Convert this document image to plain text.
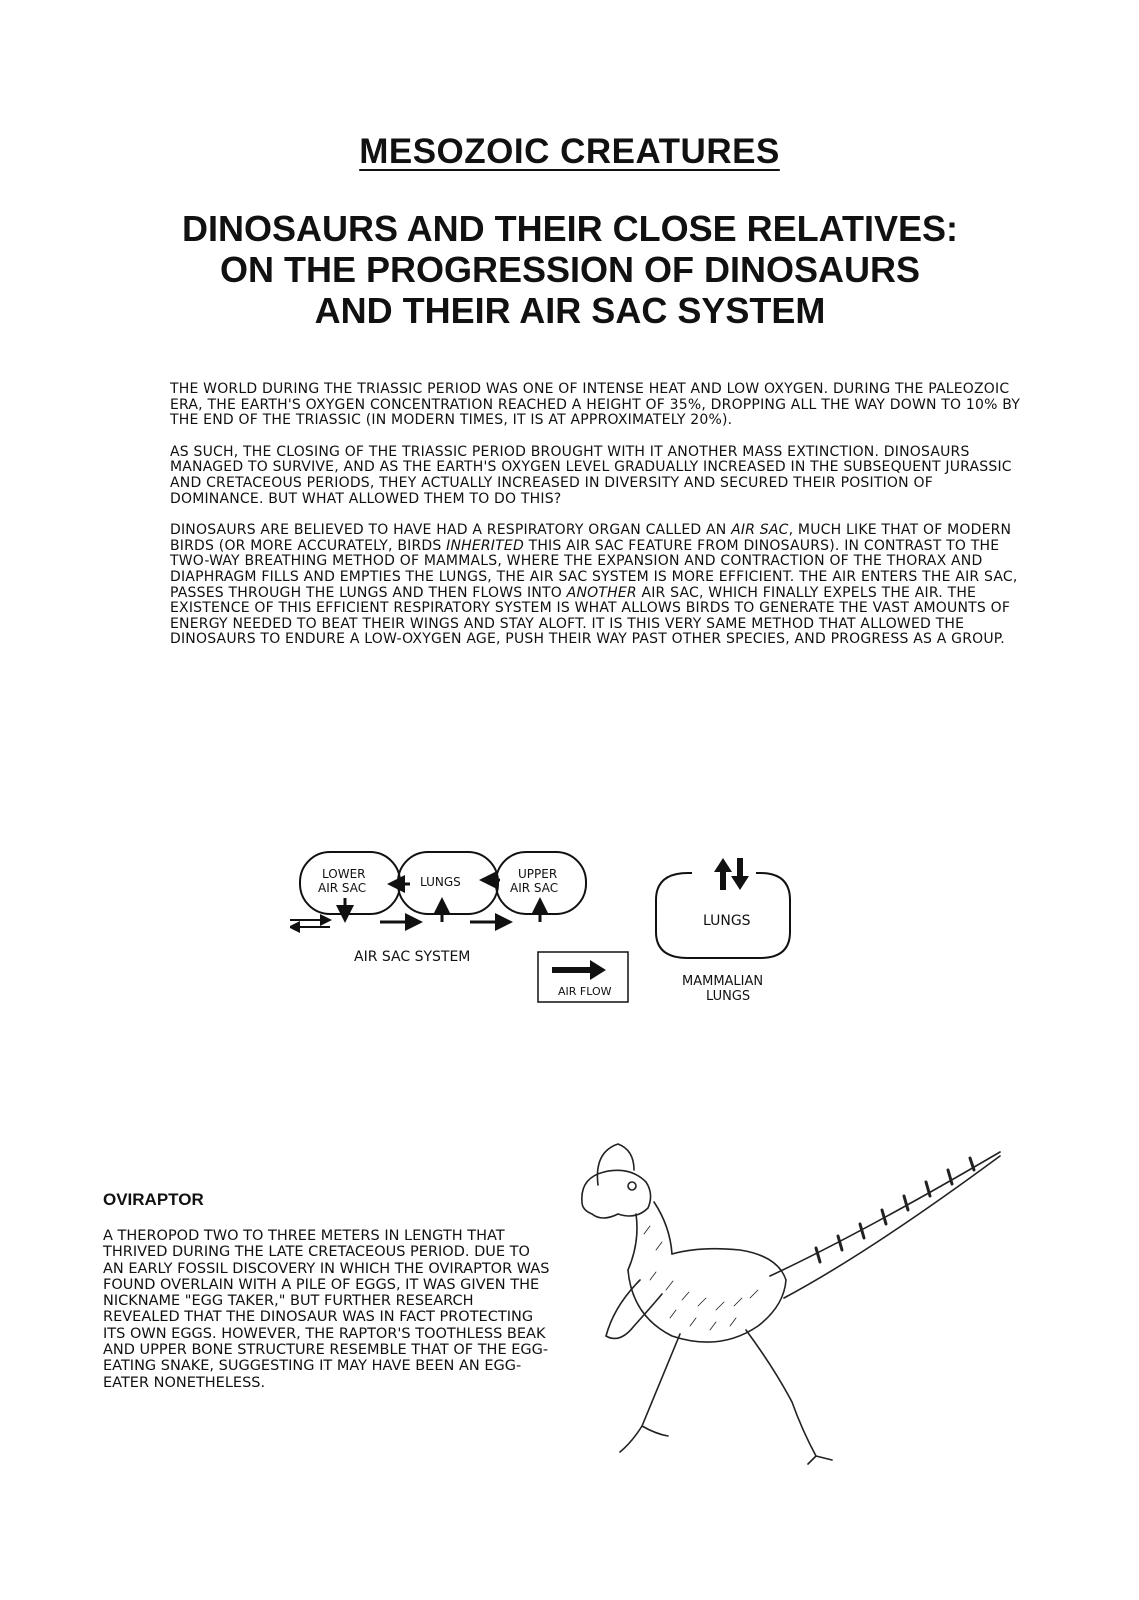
MESOZOIC CREATURES
DINOSAURS AND THEIR CLOSE RELATIVES:
ON THE PROGRESSION OF DINOSAURS
AND THEIR AIR SAC SYSTEM

THE WORLD DURING THE TRIASSIC PERIOD WAS ONE OF INTENSE HEAT AND LOW OXYGEN. DURING THE PALEOZOIC ERA, THE EARTH'S OXYGEN CONCENTRATION REACHED A HEIGHT OF 35%, DROPPING ALL THE WAY DOWN TO 10% BY THE END OF THE TRIASSIC (IN MODERN TIMES, IT IS AT APPROXIMATELY 20%).

AS SUCH, THE CLOSING OF THE TRIASSIC PERIOD BROUGHT WITH IT ANOTHER MASS EXTINCTION. DINOSAURS MANAGED TO SURVIVE, AND AS THE EARTH'S OXYGEN LEVEL GRADUALLY INCREASED IN THE SUBSEQUENT JURASSIC AND CRETACEOUS PERIODS, THEY ACTUALLY INCREASED IN DIVERSITY AND SECURED THEIR POSITION OF DOMINANCE. BUT WHAT ALLOWED THEM TO DO THIS?

DINOSAURS ARE BELIEVED TO HAVE HAD A RESPIRATORY ORGAN CALLED AN AIR SAC, MUCH LIKE THAT OF MODERN BIRDS (OR MORE ACCURATELY, BIRDS INHERITED THIS AIR SAC FEATURE FROM DINOSAURS). IN CONTRAST TO THE TWO-WAY BREATHING METHOD OF MAMMALS, WHERE THE EXPANSION AND CONTRACTION OF THE THORAX AND DIAPHRAGM FILLS AND EMPTIES THE LUNGS, THE AIR SAC SYSTEM IS MORE EFFICIENT. THE AIR ENTERS THE AIR SAC, PASSES THROUGH THE LUNGS AND THEN FLOWS INTO ANOTHER AIR SAC, WHICH FINALLY EXPELS THE AIR. THE EXISTENCE OF THIS EFFICIENT RESPIRATORY SYSTEM IS WHAT ALLOWS BIRDS TO GENERATE THE VAST AMOUNTS OF ENERGY NEEDED TO BEAT THEIR WINGS AND STAY ALOFT. IT IS THIS VERY SAME METHOD THAT ALLOWED THE DINOSAURS TO ENDURE A LOW-OXYGEN AGE, PUSH THEIR WAY PAST OTHER SPECIES, AND PROGRESS AS A GROUP.

LOWER
AIR SAC	LUNGS
UPPER
AIR SAC
AIR SAC SYSTEM
AIR FLOW
LUNGS
MAMMALIAN
LUNGS
OVIRAPTOR

A THEROPOD TWO TO THREE METERS IN LENGTH THAT THRIVED DURING THE LATE CRETACEOUS PERIOD. DUE TO AN EARLY FOSSIL DISCOVERY IN WHICH THE OVIRAPTOR WAS FOUND OVERLAIN WITH A PILE OF EGGS, IT WAS GIVEN THE NICKNAME "EGG TAKER," BUT FURTHER RESEARCH REVEALED THAT THE DINOSAUR WAS IN FACT PROTECTING ITS OWN EGGS. HOWEVER, THE RAPTOR'S TOOTHLESS BEAK AND UPPER BONE STRUCTURE RESEMBLE THAT OF THE EGG-EATING SNAKE, SUGGESTING IT MAY HAVE BEEN AN EGG-EATER NONETHELESS.
